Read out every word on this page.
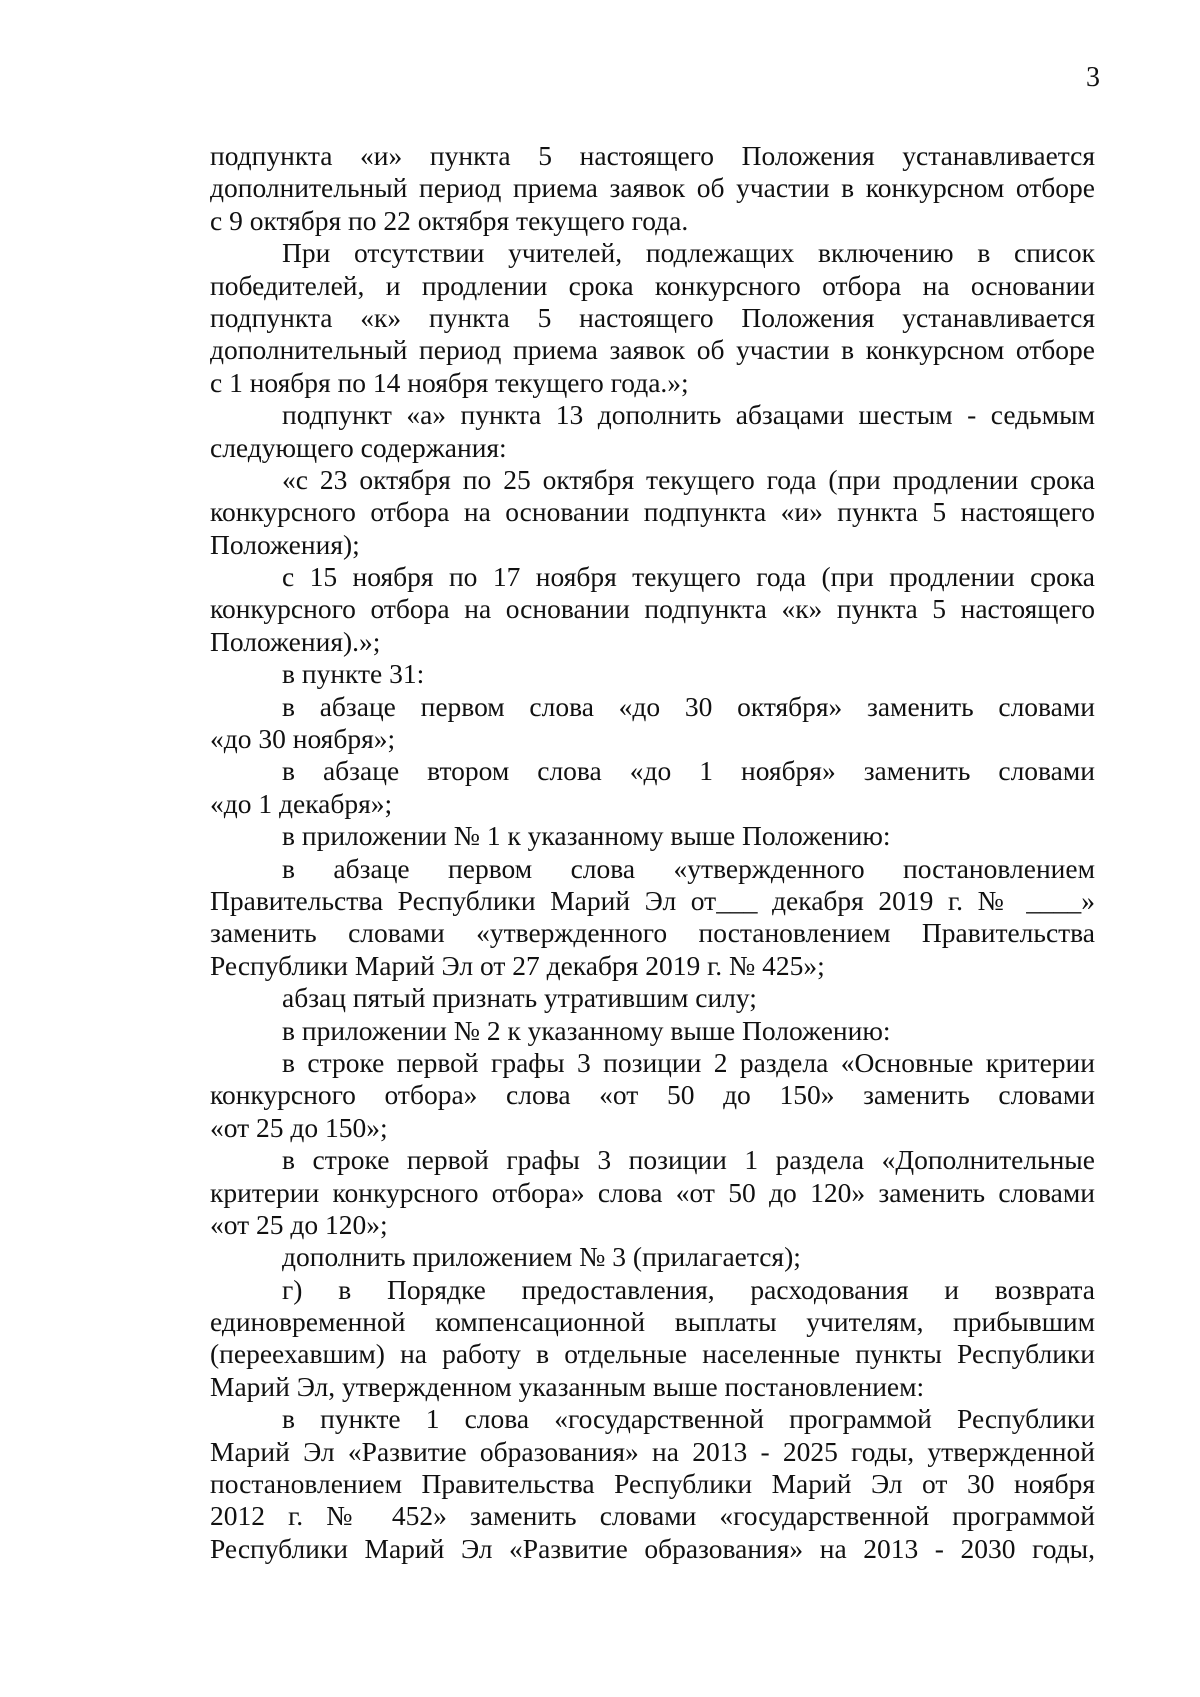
3
подпункта «и» пункта 5 настоящего Положения устанавливается
дополнительный период приема заявок об участии в конкурсном отборе
с 9 октября по 22 октября текущего года.
При отсутствии учителей, подлежащих включению в список
победителей, и продлении срока конкурсного отбора на основании
подпункта «к» пункта 5 настоящего Положения устанавливается
дополнительный период приема заявок об участии в конкурсном отборе
с 1 ноября по 14 ноября текущего года.»;
подпункт «а» пункта 13 дополнить абзацами шестым - седьмым
следующего содержания:
«с 23 октября по 25 октября текущего года (при продлении срока
конкурсного отбора на основании подпункта «и» пункта 5 настоящего
Положения);
с 15 ноября по 17 ноября текущего года (при продлении срока
конкурсного отбора на основании подпункта «к» пункта 5 настоящего
Положения).»;
в пункте 31:
в абзаце первом слова «до 30 октября» заменить словами
«до 30 ноября»;
в абзаце втором слова «до 1 ноября» заменить словами
«до 1 декабря»;
в приложении № 1 к указанному выше Положению:
в абзаце первом слова «утвержденного постановлением
Правительства Республики Марий Эл от___ декабря 2019 г. № ____»
заменить словами «утвержденного постановлением Правительства
Республики Марий Эл от 27 декабря 2019 г. № 425»;
абзац пятый признать утратившим силу;
в приложении № 2 к указанному выше Положению:
в строке первой графы 3 позиции 2 раздела «Основные критерии
конкурсного отбора» слова «от 50 до 150» заменить словами
«от 25 до 150»;
в строке первой графы 3 позиции 1 раздела «Дополнительные
критерии конкурсного отбора» слова «от 50 до 120» заменить словами
«от 25 до 120»;
дополнить приложением № 3 (прилагается);
г) в Порядке предоставления, расходования и возврата
единовременной компенсационной выплаты учителям, прибывшим
(переехавшим) на работу в отдельные населенные пункты Республики
Марий Эл, утвержденном указанным выше постановлением:
в пункте 1 слова «государственной программой Республики
Марий Эл «Развитие образования» на 2013 - 2025 годы, утвержденной
постановлением Правительства Республики Марий Эл от 30 ноября
2012 г. № 452» заменить словами «государственной программой
Республики Марий Эл «Развитие образования» на 2013 - 2030 годы,
